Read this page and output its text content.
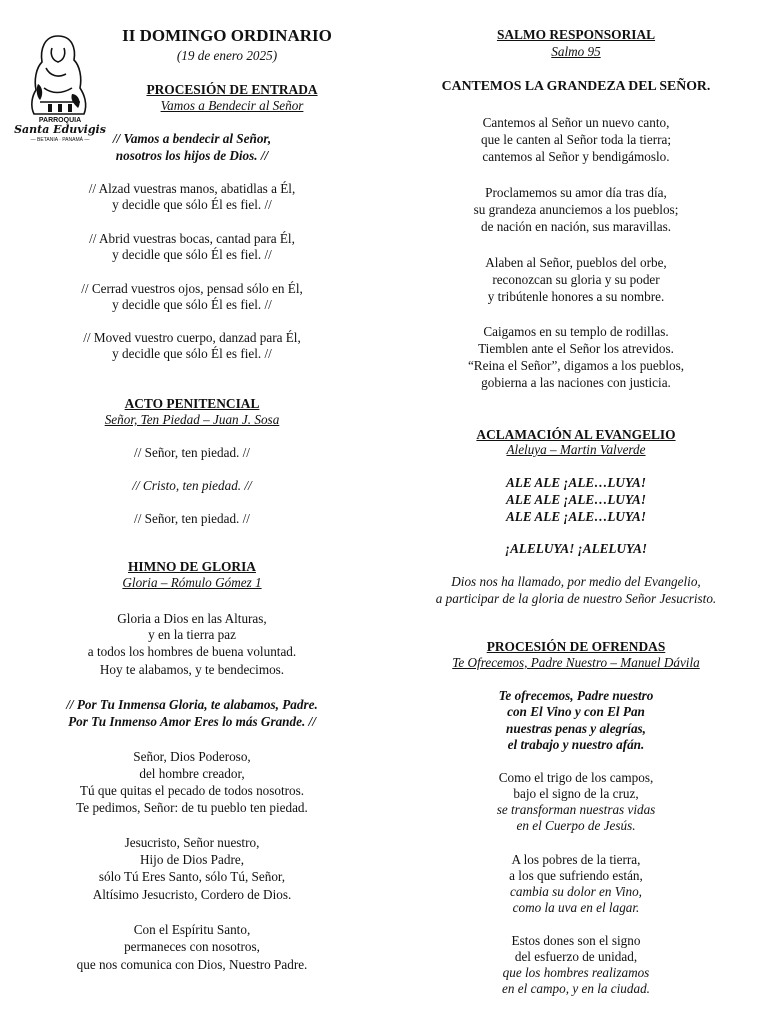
PARROQUIA
Santa Eduvigis
— BETANIA · PANAMÁ —
II DOMINGO ORDINARIO
(19 de enero 2025)
PROCESIÓN DE ENTRADA
Vamos a Bendecir al Señor
// Vamos a bendecir al Señor,
nosotros los hijos de Dios. //
// Alzad vuestras manos, abatidlas a Él,
y decidle que sólo Él es fiel. //
// Abrid vuestras bocas, cantad para Él,
y decidle que sólo Él es fiel. //
// Cerrad vuestros ojos, pensad sólo en Él,
y decidle que sólo Él es fiel. //
// Moved vuestro cuerpo, danzad para Él,
y decidle que sólo Él es fiel. //
ACTO PENITENCIAL
Señor, Ten Piedad – Juan J. Sosa
// Señor, ten piedad. //
// Cristo, ten piedad. //
// Señor, ten piedad. //
HIMNO DE GLORIA
Gloria – Rómulo Gómez 1
Gloria a Dios en las Alturas,
y en la tierra paz
a todos los hombres de buena voluntad.
Hoy te alabamos, y te bendecimos.
// Por Tu Inmensa Gloria, te alabamos, Padre.
Por Tu Inmenso Amor Eres lo más Grande. //
Señor, Dios Poderoso,
del hombre creador,
Tú que quitas el pecado de todos nosotros.
Te pedimos, Señor: de tu pueblo ten piedad.
Jesucristo, Señor nuestro,
Hijo de Dios Padre,
sólo Tú Eres Santo, sólo Tú, Señor,
Altísimo Jesucristo, Cordero de Dios.
Con el Espíritu Santo,
permaneces con nosotros,
que nos comunica con Dios, Nuestro Padre.
SALMO RESPONSORIAL
Salmo 95
CANTEMOS LA GRANDEZA DEL SEÑOR.
Cantemos al Señor un nuevo canto,
que le canten al Señor toda la tierra;
cantemos al Señor y bendigámoslo.
Proclamemos su amor día tras día,
su grandeza anunciemos a los pueblos;
de nación en nación, sus maravillas.
Alaben al Señor, pueblos del orbe,
reconozcan su gloria y su poder
y tribútenle honores a su nombre.
Caigamos en su templo de rodillas.
Tiemblen ante el Señor los atrevidos.
“Reina el Señor”, digamos a los pueblos,
gobierna a las naciones con justicia.
ACLAMACIÓN AL EVANGELIO
Aleluya – Martin Valverde
ALE ALE ¡ALE…LUYA!
ALE ALE ¡ALE…LUYA!
ALE ALE ¡ALE…LUYA!
¡ALELUYA! ¡ALELUYA!
Dios nos ha llamado, por medio del Evangelio,
a participar de la gloria de nuestro Señor Jesucristo.
PROCESIÓN DE OFRENDAS
Te Ofrecemos, Padre Nuestro – Manuel Dávila
Te ofrecemos, Padre nuestro
con El Vino y con El Pan
nuestras penas y alegrías,
el trabajo y nuestro afán.
Como el trigo de los campos,
bajo el signo de la cruz,
se transforman nuestras vidas
en el Cuerpo de Jesús.
A los pobres de la tierra,
a los que sufriendo están,
cambia su dolor en Vino,
como la uva en el lagar.
Estos dones son el signo
del esfuerzo de unidad,
que los hombres realizamos
en el campo, y en la ciudad.
